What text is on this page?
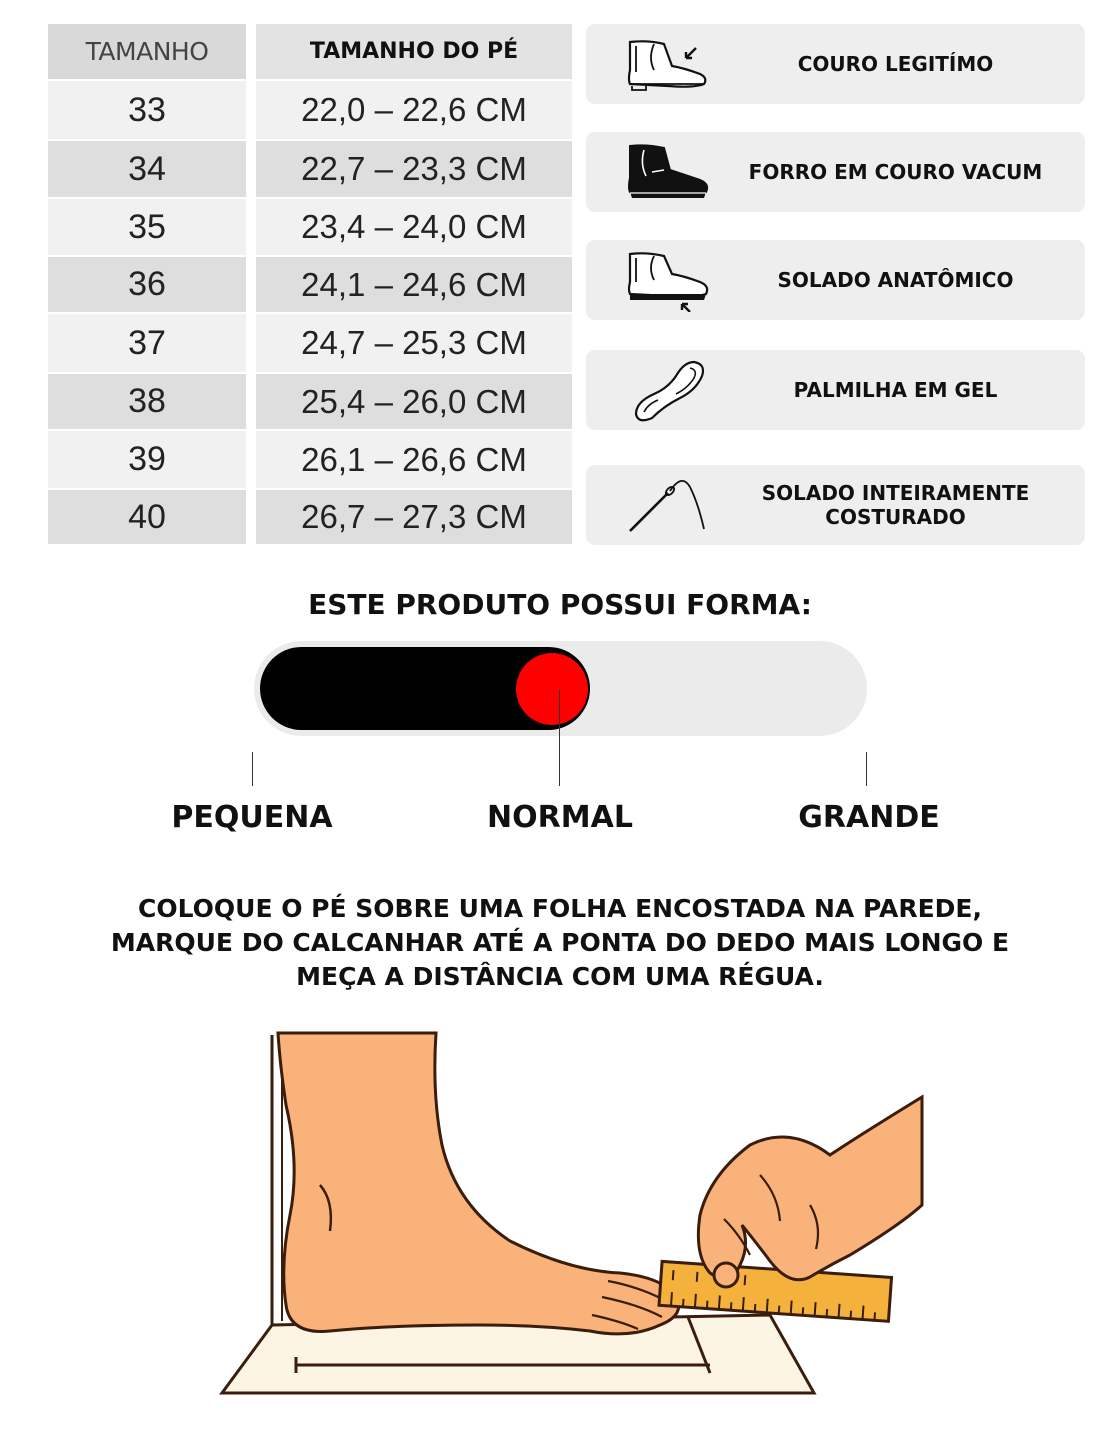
TAMANHO	TAMANHO DO PÉ
33	22,0 – 22,6 CM
34	22,7 – 23,3 CM
35	23,4 – 24,0 CM
36	24,1 – 24,6 CM
37	24,7 – 25,3 CM
38	25,4 – 26,0 CM
39	26,1 – 26,6 CM
40	26,7 – 27,3 CM
COURO LEGITÍMO
FORRO EM COURO VACUM
SOLADO ANATÔMICO
PALMILHA EM GEL
SOLADO INTEIRAMENTE
COSTURADO
ESTE PRODUTO POSSUI FORMA:
PEQUENA	NORMAL	GRANDE
COLOQUE O PÉ SOBRE UMA FOLHA ENCOSTADA NA PAREDE,
MARQUE DO CALCANHAR ATÉ A PONTA DO DEDO MAIS LONGO E
MEÇA A DISTÂNCIA COM UMA RÉGUA.
